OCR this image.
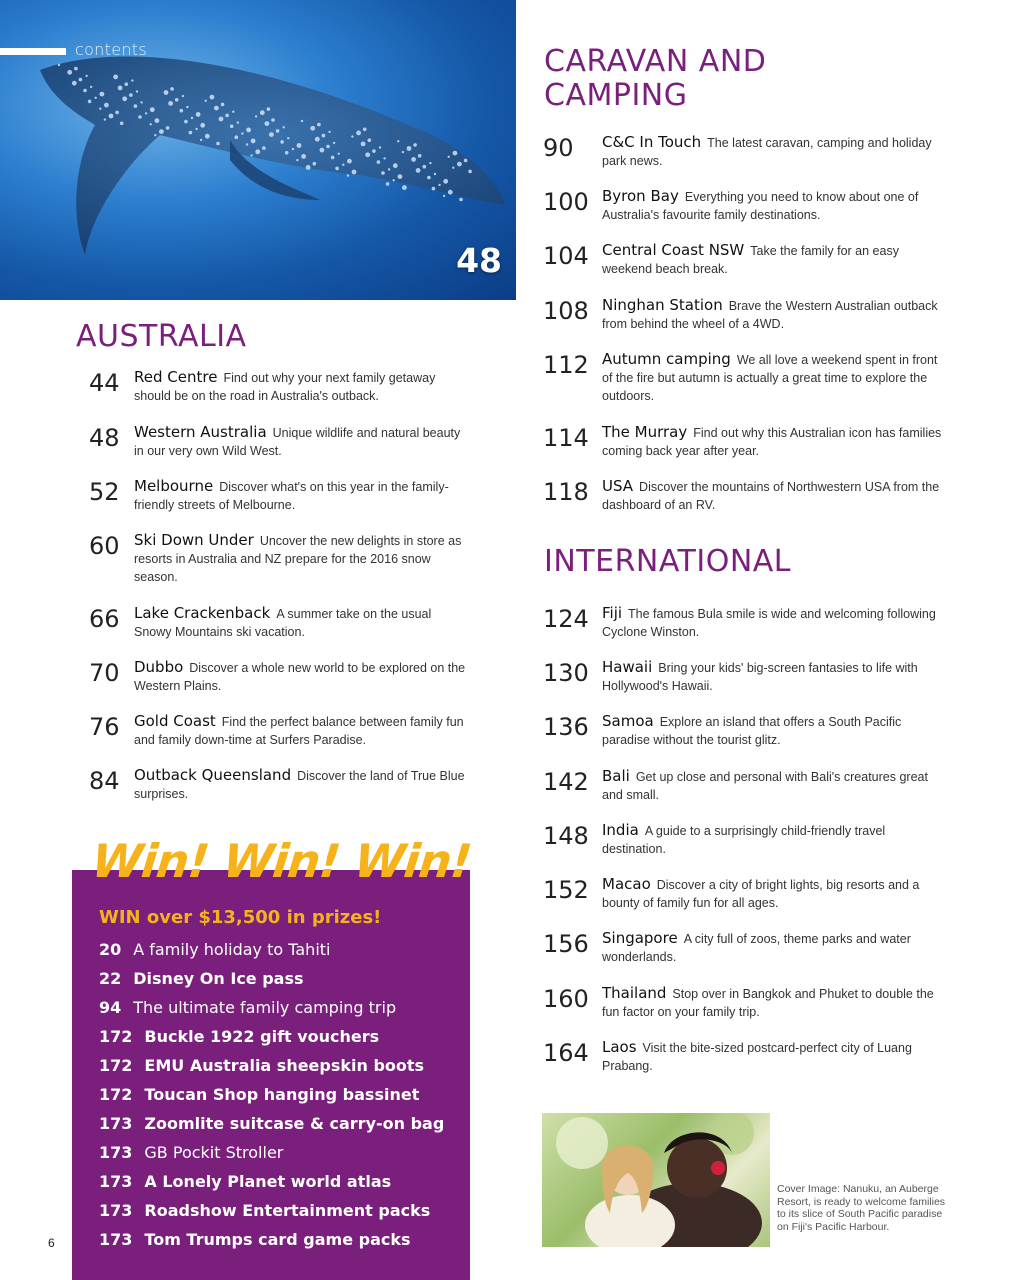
contents
48
AUSTRALIA
44 Red Centre Find out why your next family getaway should be on the road in Australia's outback.
48 Western Australia Unique wildlife and natural beauty in our very own Wild West.
52 Melbourne Discover what's on this year in the family-friendly streets of Melbourne.
60 Ski Down Under Uncover the new delights in store as resorts in Australia and NZ prepare for the 2016 snow season.
66 Lake Crackenback A summer take on the usual Snowy Mountains ski vacation.
70 Dubbo Discover a whole new world to be explored on the Western Plains.
76 Gold Coast Find the perfect balance between family fun and family down-time at Surfers Paradise.
84 Outback Queensland Discover the land of True Blue surprises.
CARAVAN AND
CAMPING
90	C&C In Touch The latest caravan, camping and holiday park news.
100 Byron Bay Everything you need to know about one of Australia's favourite family destinations.
104 Central Coast NSW Take the family for an easy weekend beach break.
108 Ninghan Station Brave the Western Australian outback from behind the wheel of a 4WD.
112 Autumn camping We all love a weekend spent in front of the fire but autumn is actually a great time to explore the outdoors.
114 The Murray Find out why this Australian icon has families coming back year after year.
118 USA Discover the mountains of Northwestern USA from the dashboard of an RV.
INTERNATIONAL
124 Fiji The famous Bula smile is wide and welcoming following Cyclone Winston.
130 Hawaii Bring your kids' big-screen fantasies to life with Hollywood's Hawaii.
136 Samoa Explore an island that offers a South Pacific paradise without the tourist glitz.
142 Bali Get up close and personal with Bali's creatures great and small.
148 India A guide to a surprisingly child-friendly travel destination.
152 Macao Discover a city of bright lights, big resorts and a bounty of family fun for all ages.
156 Singapore A city full of zoos, theme parks and water wonderlands.
160 Thailand Stop over in Bangkok and Phuket to double the fun factor on your family trip.
164 Laos Visit the bite-sized postcard-perfect city of Luang Prabang.
Win! Win! Win!
WIN over $13,500 in prizes!
20 A family holiday to Tahiti
22 Disney On Ice pass
94 The ultimate family camping trip
172 Buckle 1922 gift vouchers
172 EMU Australia sheepskin boots
172 Toucan Shop hanging bassinet
173 Zoomlite suitcase & carry-on bag
173 GB Pockit Stroller
173 A Lonely Planet world atlas
173 Roadshow Entertainment packs
173 Tom Trumps card game packs
6
Cover Image: Nanuku, an Auberge Resort, is ready to welcome families to its slice of South Pacific paradise on Fiji's Pacific Harbour.
